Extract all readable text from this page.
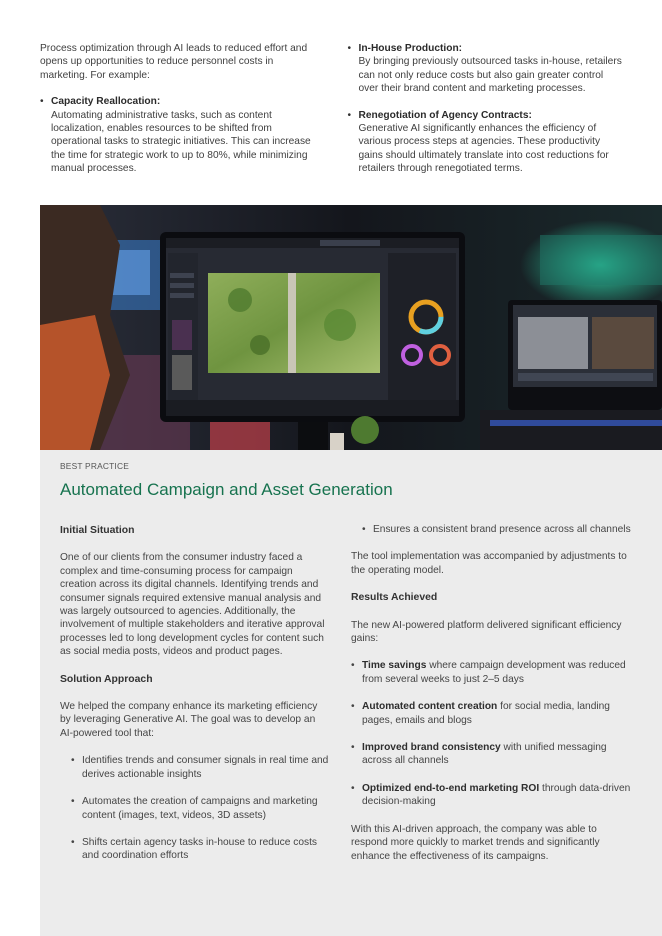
Process optimization through AI leads to reduced effort and opens up opportunities to reduce personnel costs in marketing. For example:

• Capacity Reallocation:
Automating administrative tasks, such as content localization, enables resources to be shifted from operational tasks to strategic initiatives. This can increase the time for strategic work to up to 80%, while minimizing manual processes.
• In-House Production:
By bringing previously outsourced tasks in-house, retailers can not only reduce costs but also gain greater control over their brand content and marketing processes.
• Renegotiation of Agency Contracts:
Generative AI significantly enhances the efficiency of various process steps at agencies. These productivity gains should ultimately translate into cost reductions for retailers through renegotiated terms.
BEST PRACTICE
Automated Campaign and Asset Generation
Initial Situation

One of our clients from the consumer industry faced a complex and time-consuming process for campaign creation across its digital channels. Identifying trends and consumer signals required extensive manual analysis and was largely outsourced to agencies. Additionally, the involvement of multiple stakeholders and iterative approval processes led to long development cycles for content such as social media posts, videos and product pages.

Solution Approach

We helped the company enhance its marketing efficiency by leveraging Generative AI. The goal was to develop an AI-powered tool that:

• Identifies trends and consumer signals in real time and derives actionable insights
• Automates the creation of campaigns and marketing content (images, text, videos, 3D assets)
• Shifts certain agency tasks in-house to reduce costs and coordination efforts
• Ensures a consistent brand presence across all channels

The tool implementation was accompanied by adjustments to the operating model.

Results Achieved

The new AI-powered platform delivered significant efficiency gains:

• Time savings where campaign development was reduced from several weeks to just 2–5 days
• Automated content creation for social media, landing pages, emails and blogs
• Improved brand consistency with unified messaging across all channels
• Optimized end-to-end marketing ROI through data-driven decision-making

With this AI-driven approach, the company was able to respond more quickly to market trends and significantly enhance the effectiveness of its campaigns.
